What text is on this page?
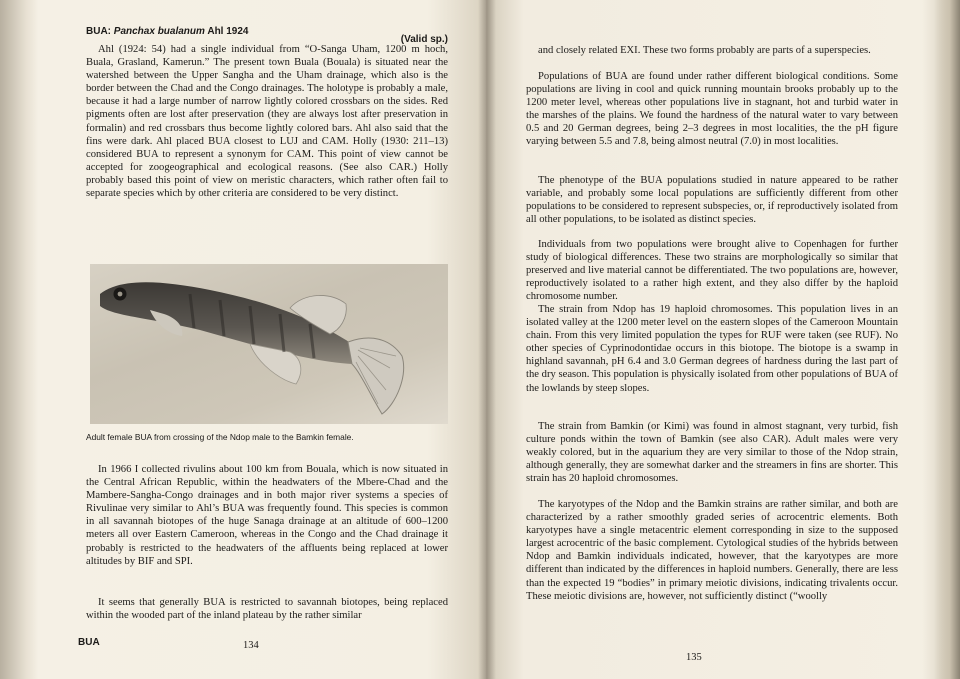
BUA: Panchax bualanum Ahl 1924
(Valid sp.)

Ahl (1924: 54) had a single individual from “O-Sanga Uham, 1200 m hoch, Buala, Grasland, Kamerun.” The present town Buala (Bouala) is situated near the watershed between the Upper Sangha and the Uham drainage, which also is the border between the Chad and the Congo drainages. The holotype is probably a male, because it had a large number of narrow lightly colored crossbars on the sides. Red pigments often are lost after preservation (they are always lost after preservation in formalin) and red crossbars thus become lightly colored bars. Ahl also said that the fins were dark. Ahl placed BUA closest to LUJ and CAM. Holly (1930: 211–13) considered BUA to represent a synonym for CAM. This point of view cannot be accepted for zoogeographical and ecological reasons. (See also CAR.) Holly probably based this point of view on meristic characters, which rather often fail to separate species which by other criteria are considered to be very distinct.

Adult female BUA from crossing of the Ndop male to the Bamkin female.

In 1966 I collected rivulins about 100 km from Bouala, which is now situated in the Central African Republic, within the headwaters of the Mbere-Chad and the Mambere-Sangha-Congo drainages and in both major river systems a species of Rivulinae very similar to Ahl’s BUA was frequently found. This species is common in all savannah biotopes of the huge Sanaga drainage at an altitude of 600–1200 meters all over Eastern Cameroon, whereas in the Congo and the Chad drainage it probably is restricted to the headwaters of the affluents being replaced at lower altitudes by BIF and SPI.

It seems that generally BUA is restricted to savannah biotopes, being replaced within the wooded part of the inland plateau by the rather similar

BUA	134

and closely related EXI. These two forms probably are parts of a superspecies.

Populations of BUA are found under rather different biological conditions. Some populations are living in cool and quick running mountain brooks probably up to the 1200 meter level, whereas other populations live in stagnant, hot and turbid water in the marshes of the plains. We found the hardness of the natural water to vary between 0.5 and 20 German degrees, being 2–3 degrees in most localities, the the pH figure varying between 5.5 and 7.8, being almost neutral (7.0) in most localities.

The phenotype of the BUA populations studied in nature appeared to be rather variable, and probably some local populations are sufficiently different from other populations to be considered to represent subspecies, or, if reproductively isolated from all other populations, to be isolated as distinct species.

Individuals from two populations were brought alive to Copenhagen for further study of biological differences. These two strains are morphologically so similar that preserved and live material cannot be differentiated. The two populations are, however, reproductively isolated to a rather high extent, and they also differ by the haploid chromosome number.

The strain from Ndop has 19 haploid chromosomes. This population lives in an isolated valley at the 1200 meter level on the eastern slopes of the Cameroon Mountain chain. From this very limited population the types for RUF were taken (see RUF). No other species of Cyprinodontidae occurs in this biotope. The biotope is a swamp in highland savannah, pH 6.4 and 3.0 German degrees of hardness during the last part of the dry season. This population is physically isolated from other populations of BUA of the lowlands by steep slopes.

The strain from Bamkin (or Kimi) was found in almost stagnant, very turbid, fish culture ponds within the town of Bamkin (see also CAR). Adult males were very weakly colored, but in the aquarium they are very similar to those of the Ndop strain, although generally, they are somewhat darker and the streamers in fins are shorter. This strain has 20 haploid chromosomes.

The karyotypes of the Ndop and the Bamkin strains are rather similar, and both are characterized by a rather smoothly graded series of acrocentric elements. Both karyotypes have a single metacentric element corresponding in size to the supposed largest acrocentric of the basic complement. Cytological studies of the hybrids between Ndop and Bamkin individuals indicated, however, that the karyotypes are more different than indicated by the differences in haploid numbers. Generally, there are less than the expected 19 “bodies” in primary meiotic divisions, indicating trivalents occur. These meiotic divisions are, however, not sufficiently distinct (“woolly

135
